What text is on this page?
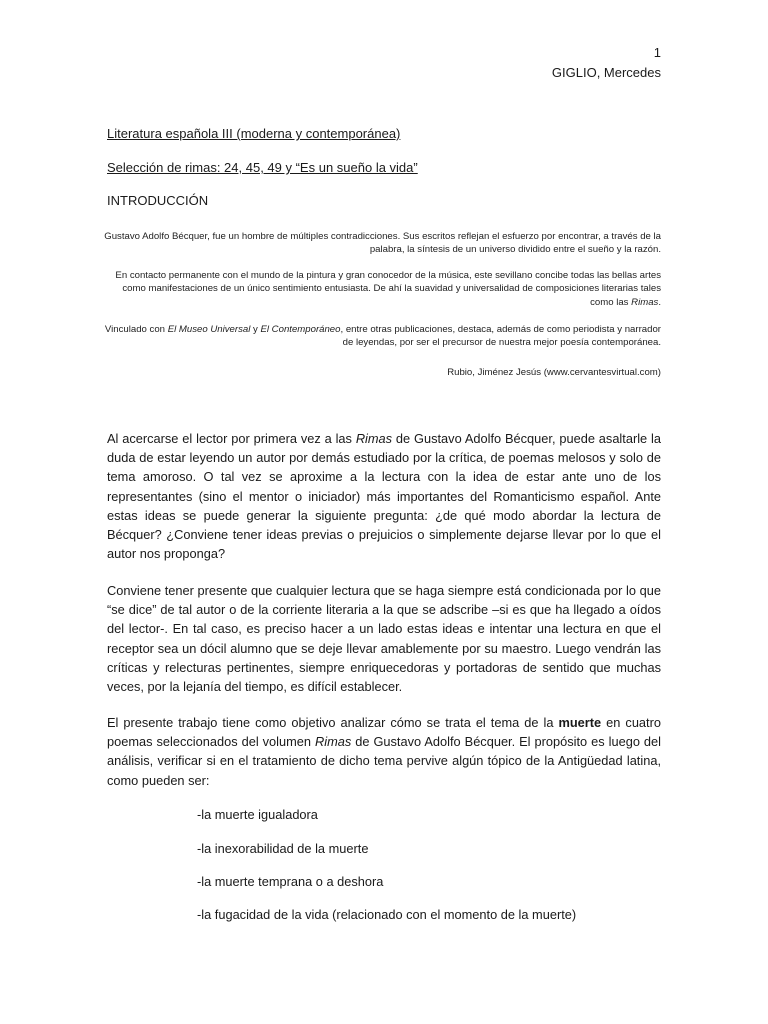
1
GIGLIO, Mercedes
Literatura española III (moderna y contemporánea)
Selección de rimas: 24, 45, 49 y “Es un sueño la vida”
INTRODUCCIÓN
Gustavo Adolfo Bécquer, fue un hombre de múltiples contradicciones. Sus escritos reflejan el esfuerzo por encontrar, a través de la palabra, la síntesis de un universo dividido entre el sueño y la razón.
En contacto permanente con el mundo de la pintura y gran conocedor de la música, este sevillano concibe todas las bellas artes como manifestaciones de un único sentimiento entusiasta. De ahí la suavidad y universalidad de composiciones literarias tales como las Rimas.
Vinculado con El Museo Universal y El Contemporáneo, entre otras publicaciones, destaca, además de como periodista y narrador de leyendas, por ser el precursor de nuestra mejor poesía contemporánea.
Rubio, Jiménez Jesús (www.cervantesvirtual.com)
Al acercarse el lector por primera vez a las Rimas de Gustavo Adolfo Bécquer, puede asaltarle la duda de estar leyendo un autor por demás estudiado por la crítica, de poemas melosos y solo de tema amoroso. O tal vez se aproxime a la lectura con la idea de estar ante uno de los representantes (sino el mentor o iniciador) más importantes del Romanticismo español. Ante estas ideas se puede generar la siguiente pregunta: ¿de qué modo abordar la lectura de Bécquer? ¿Conviene tener ideas previas o prejuicios o simplemente dejarse llevar por lo que el autor nos proponga?
Conviene tener presente que cualquier lectura que se haga siempre está condicionada por lo que “se dice” de tal autor o de la corriente literaria a la que se adscribe –si es que ha llegado a oídos del lector-. En tal caso, es preciso hacer a un lado estas ideas e intentar una lectura en que el receptor sea un dócil alumno que se deje llevar amablemente por su maestro. Luego vendrán las críticas y relecturas pertinentes, siempre enriquecedoras y portadoras de sentido que muchas veces, por la lejanía del tiempo, es difícil establecer.
El presente trabajo tiene como objetivo analizar cómo se trata el tema de la muerte en cuatro poemas seleccionados del volumen Rimas de Gustavo Adolfo Bécquer. El propósito es luego del análisis, verificar si en el tratamiento de dicho tema pervive algún tópico de la Antigüedad latina, como pueden ser:
-la muerte igualadora
-la inexorabilidad de la muerte
-la muerte temprana o a deshora
-la fugacidad de la vida (relacionado con el momento de la muerte)
